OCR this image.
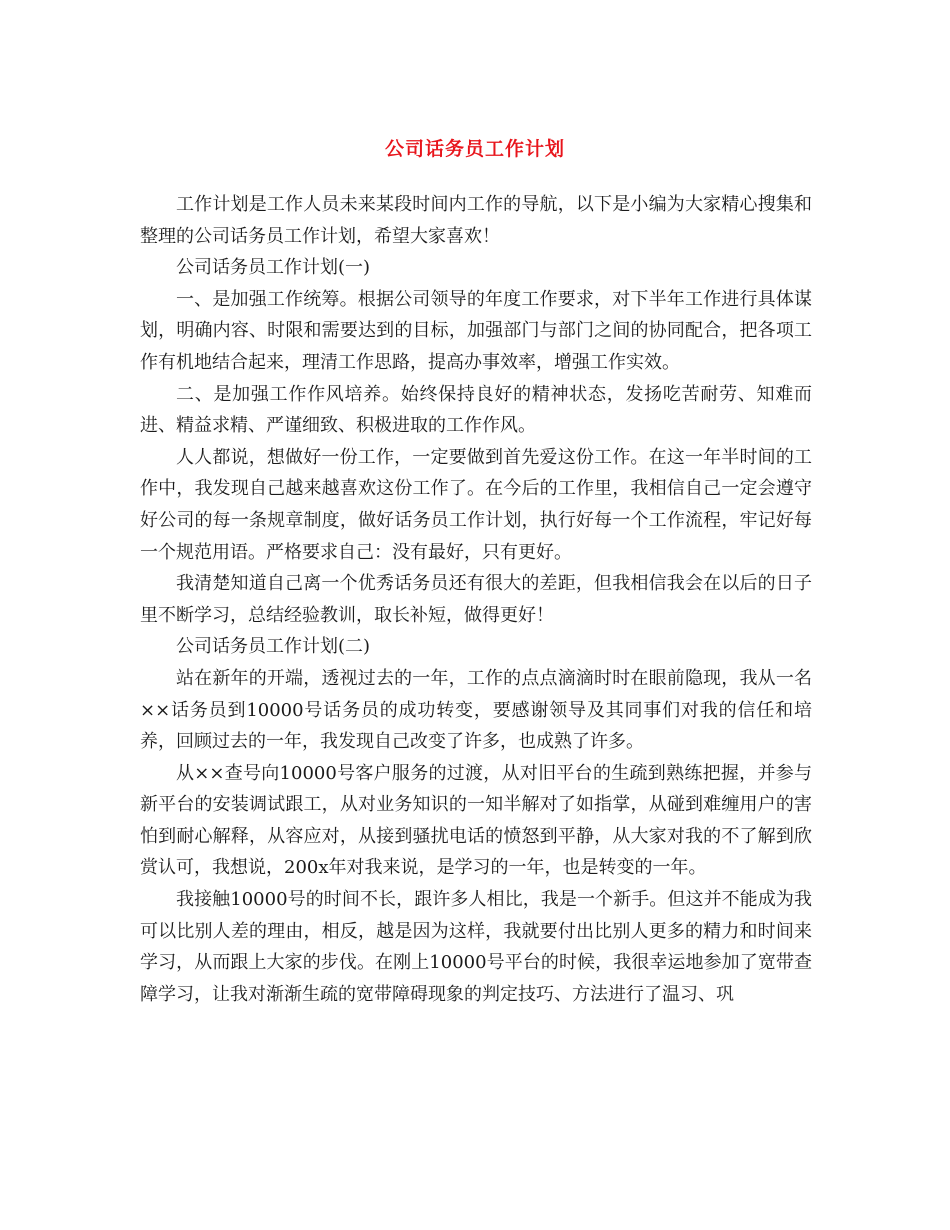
公司话务员工作计划

工作计划是工作人员未来某段时间内工作的导航，以下是小编为大家精心搜集和整理的公司话务员工作计划，希望大家喜欢！

公司话务员工作计划(一)

一、是加强工作统筹。根据公司领导的年度工作要求，对下半年工作进行具体谋划，明确内容、时限和需要达到的目标，加强部门与部门之间的协同配合，把各项工作有机地结合起来，理清工作思路，提高办事效率，增强工作实效。

二、是加强工作作风培养。始终保持良好的精神状态，发扬吃苦耐劳、知难而进、精益求精、严谨细致、积极进取的工作作风。

人人都说，想做好一份工作，一定要做到首先爱这份工作。在这一年半时间的工作中，我发现自己越来越喜欢这份工作了。在今后的工作里，我相信自己一定会遵守好公司的每一条规章制度，做好话务员工作计划，执行好每一个工作流程，牢记好每一个规范用语。严格要求自己：没有最好，只有更好。

我清楚知道自己离一个优秀话务员还有很大的差距，但我相信我会在以后的日子里不断学习，总结经验教训，取长补短，做得更好！

公司话务员工作计划(二)

站在新年的开端，透视过去的一年，工作的点点滴滴时时在眼前隐现，我从一名××话务员到10000号话务员的成功转变，要感谢领导及其同事们对我的信任和培养，回顾过去的一年，我发现自己改变了许多，也成熟了许多。

从××查号向10000号客户服务的过渡，从对旧平台的生疏到熟练把握，并参与新平台的安装调试跟工，从对业务知识的一知半解对了如指掌，从碰到难缠用户的害怕到耐心解释，从容应对，从接到骚扰电话的愤怒到平静，从大家对我的不了解到欣赏认可，我想说，200x年对我来说，是学习的一年，也是转变的一年。

我接触10000号的时间不长，跟许多人相比，我是一个新手。但这并不能成为我可以比别人差的理由，相反，越是因为这样，我就要付出比别人更多的精力和时间来学习，从而跟上大家的步伐。在刚上10000号平台的时候，我很幸运地参加了宽带查障学习，让我对渐渐生疏的宽带障碍现象的判定技巧、方法进行了温习、巩
